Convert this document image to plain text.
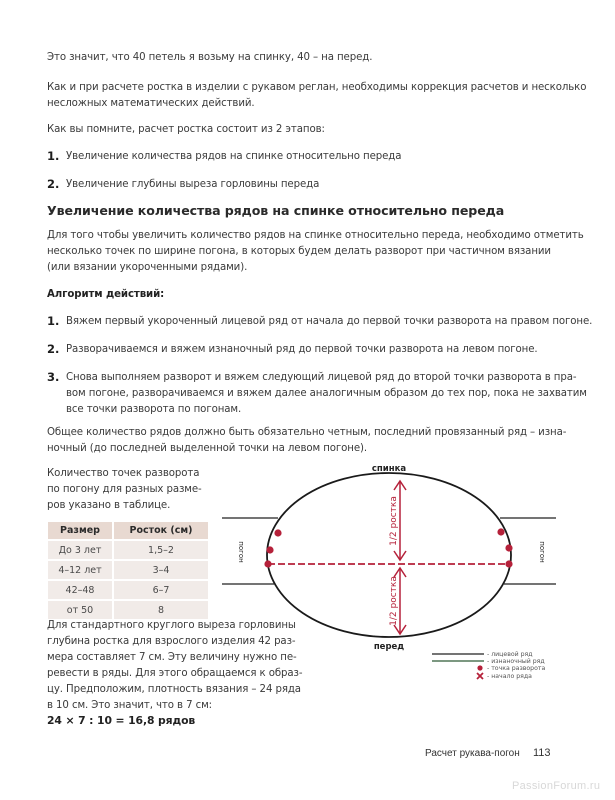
Это значит, что 40 петель я возьму на спинку, 40 – на перед.
Как и при расчете ростка в изделии с рукавом реглан, необходимы коррекция расчетов и несколько
несложных математических действий.
Как вы помните, расчет ростка состоит из 2 этапов:
1. Увеличение количества рядов на спинке относительно переда
2. Увеличение глубины выреза горловины переда
Увеличение количества рядов на спинке относительно переда
Для того чтобы увеличить количество рядов на спинке относительно переда, необходимо отметить
несколько точек по ширине погона, в которых будем делать разворот при частичном вязании
(или вязании укороченными рядами).
Алгоритм действий:
1. Вяжем первый укороченный лицевой ряд от начала до первой точки разворота на правом погоне.
2. Разворачиваемся и вяжем изнаночный ряд до первой точки разворота на левом погоне.
3. Снова выполняем разворот и вяжем следующий лицевой ряд до второй точки разворота в пра-
вом погоне, разворачиваемся и вяжем далее аналогичным образом до тех пор, пока не захватим
все точки разворота по погонам.
Общее количество рядов должно быть обязательно четным, последний провязанный ряд – изна-
ночный (до последней выделенной точки на левом погоне).
Количество точек разворота
по погону для разных разме-
ров указано в таблице.
Размер	Росток (см)
До 3 лет	1,5–2
4–12 лет	3–4
42–48	6–7
от 50	8
Для стандартного круглого выреза горловины
глубина ростка для взрослого изделия 42 раз-
мера составляет 7 см. Эту величину нужно пе-
ревести в ряды. Для этого обращаемся к образ-
цу. Предположим, плотность вязания – 24 ряда
в 10 см. Это значит, что в 7 см:
24 × 7 : 10 = 16,8 рядов
спинка
перед
погон	погон
1/2 ростка
1/2 ростка
- лицевой ряд
- изнаночный ряд
- точка разворота
- начало ряда
Расчет рукава-погон 113
PassionForum.ru
